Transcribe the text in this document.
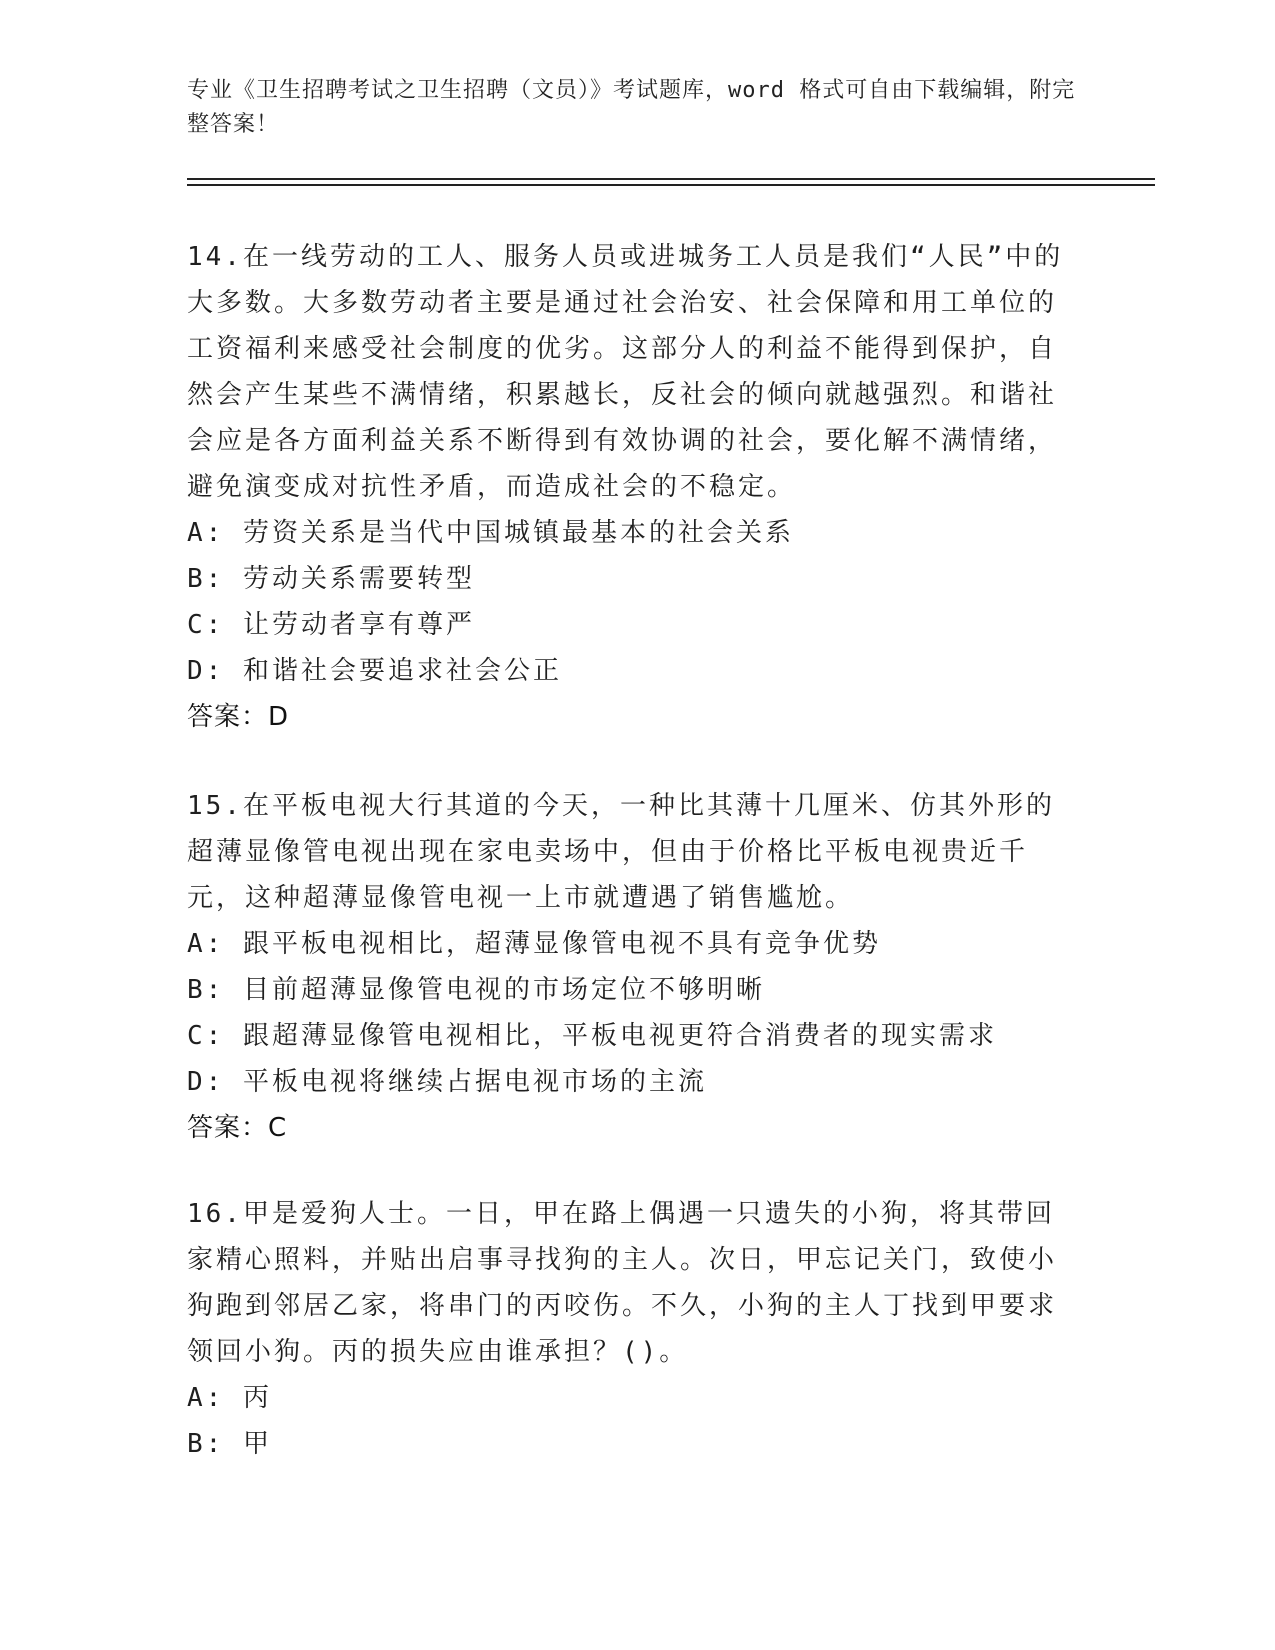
专业《卫生招聘考试之卫生招聘（文员）》考试题库，word 格式可自由下载编辑，附完整答案！
14.在一线劳动的工人、服务人员或进城务工人员是我们“人民”中的大多数。大多数劳动者主要是通过社会治安、社会保障和用工单位的工资福利来感受社会制度的优劣。这部分人的利益不能得到保护，自然会产生某些不满情绪，积累越长，反社会的倾向就越强烈。和谐社会应是各方面利益关系不断得到有效协调的社会，要化解不满情绪，避免演变成对抗性矛盾，而造成社会的不稳定。
A: 劳资关系是当代中国城镇最基本的社会关系
B: 劳动关系需要转型
C: 让劳动者享有尊严
D: 和谐社会要追求社会公正
答案：D
15.在平板电视大行其道的今天，一种比其薄十几厘米、仿其外形的超薄显像管电视出现在家电卖场中，但由于价格比平板电视贵近千元，这种超薄显像管电视一上市就遭遇了销售尴尬。
A: 跟平板电视相比，超薄显像管电视不具有竞争优势
B: 目前超薄显像管电视的市场定位不够明晰
C: 跟超薄显像管电视相比，平板电视更符合消费者的现实需求
D: 平板电视将继续占据电视市场的主流
答案：C
16.甲是爱狗人士。一日，甲在路上偶遇一只遗失的小狗，将其带回家精心照料，并贴出启事寻找狗的主人。次日，甲忘记关门，致使小狗跑到邻居乙家，将串门的丙咬伤。不久，小狗的主人丁找到甲要求领回小狗。丙的损失应由谁承担？()。
A: 丙
B: 甲
